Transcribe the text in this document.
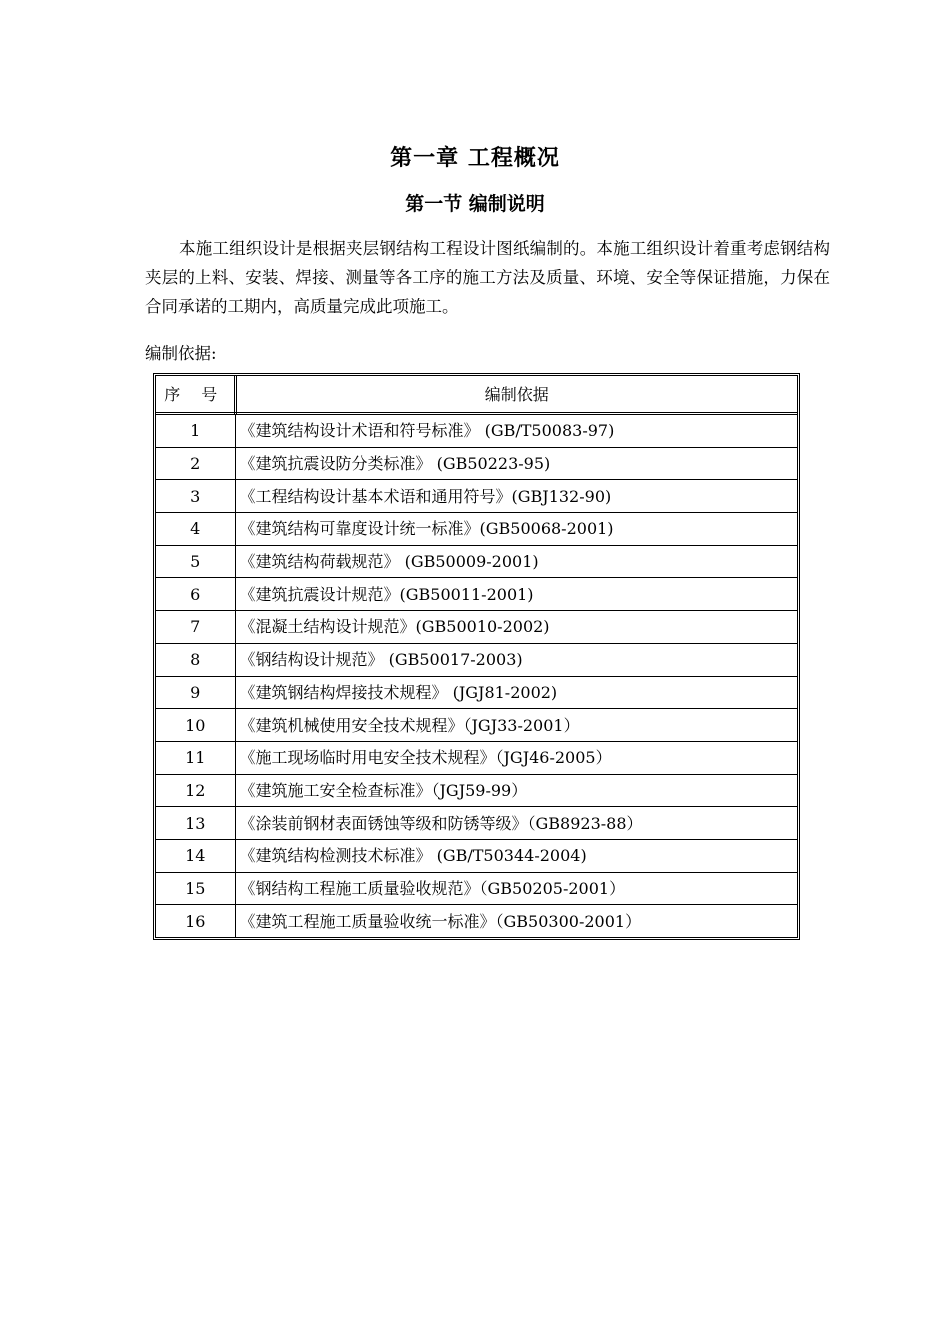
第一章 工程概况
第一节 编制说明

本施工组织设计是根据夹层钢结构工程设计图纸编制的。本施工组织设计着重考虑钢结构夹层的上料、安装、焊接、测量等各工序的施工方法及质量、环境、安全等保证措施，力保在合同承诺的工期内，高质量完成此项施工。

编制依据:
序 号	编制依据
1	《建筑结构设计术语和符号标准》 (GB/T50083-97)
2	《建筑抗震设防分类标准》 (GB50223-95)
3	《工程结构设计基本术语和通用符号》(GBJ132-90)
4	《建筑结构可靠度设计统一标准》(GB50068-2001)
5	《建筑结构荷载规范》 (GB50009-2001)
6	《建筑抗震设计规范》(GB50011-2001)
7	《混凝土结构设计规范》(GB50010-2002)
8	《钢结构设计规范》 (GB50017-2003)
9	《建筑钢结构焊接技术规程》 (JGJ81-2002)
10	《建筑机械使用安全技术规程》（JGJ33-2001）
11	《施工现场临时用电安全技术规程》（JGJ46-2005）
12	《建筑施工安全检查标准》（JGJ59-99）
13	《涂装前钢材表面锈蚀等级和防锈等级》（GB8923-88）
14	《建筑结构检测技术标准》 (GB/T50344-2004)
15	《钢结构工程施工质量验收规范》（GB50205-2001）
16	《建筑工程施工质量验收统一标准》（GB50300-2001）
